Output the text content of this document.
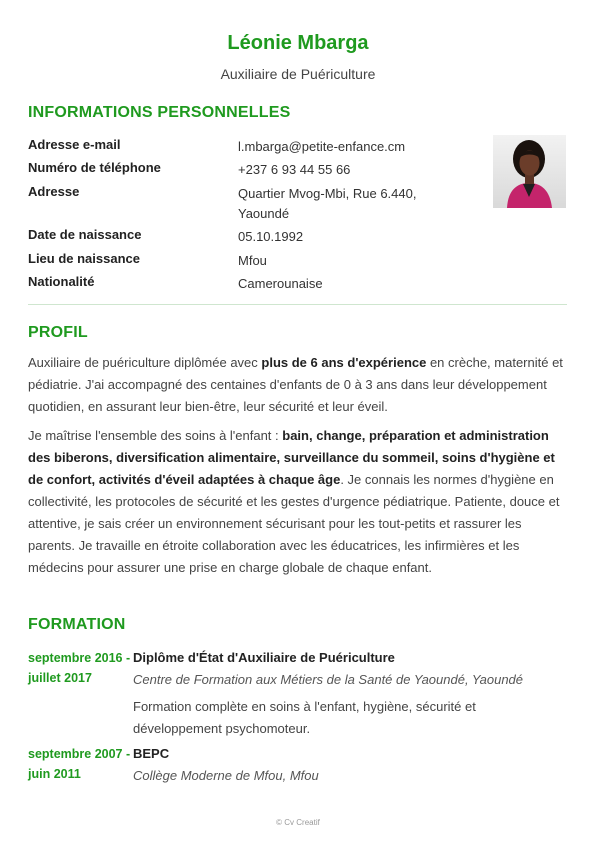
Léonie Mbarga
Auxiliaire de Puériculture
INFORMATIONS PERSONNELLES
Adresse e-mail	l.mbarga@petite-enfance.cm
Numéro de téléphone	+237 6 93 44 55 66
Adresse	Quartier Mvog-Mbi, Rue 6.440, Yaoundé
Date de naissance	05.10.1992
Lieu de naissance	Mfou
Nationalité	Camerounaise
PROFIL

Auxiliaire de puériculture diplômée avec plus de 6 ans d'expérience en crèche, maternité et pédiatrie. J'ai accompagné des centaines d'enfants de 0 à 3 ans dans leur développement quotidien, en assurant leur bien-être, leur sécurité et leur éveil.

Je maîtrise l'ensemble des soins à l'enfant : bain, change, préparation et administration des biberons, diversification alimentaire, surveillance du sommeil, soins d'hygiène et de confort, activités d'éveil adaptées à chaque âge. Je connais les normes d'hygiène en collectivité, les protocoles de sécurité et les gestes d'urgence pédiatrique. Patiente, douce et attentive, je sais créer un environnement sécurisant pour les tout-petits et rassurer les parents. Je travaille en étroite collaboration avec les éducatrices, les infirmières et les médecins pour assurer une prise en charge globale de chaque enfant.

FORMATION
septembre 2016 - juillet 2017
Diplôme d'État d'Auxiliaire de Puériculture
Centre de Formation aux Métiers de la Santé de Yaoundé, Yaoundé
Formation complète en soins à l'enfant, hygiène, sécurité et développement psychomoteur.
septembre 2007 - juin 2011
BEPC
Collège Moderne de Mfou, Mfou
© Cv Creatif
